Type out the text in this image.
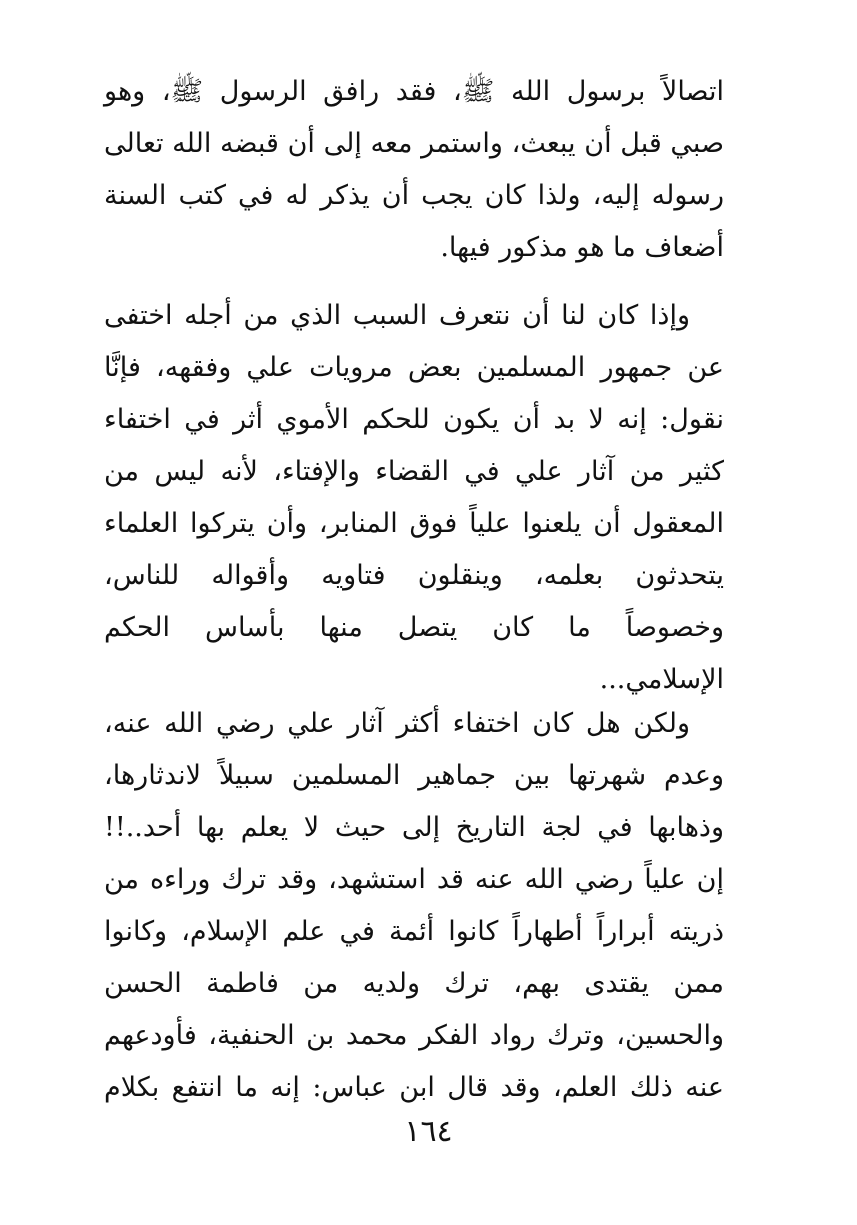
اتصالاً برسول الله ﷺ، فقد رافق الرسول ﷺ، وهو
صبي قبل أن يبعث، واستمر معه إلى أن قبضه الله تعالى
رسوله إليه، ولذا كان يجب أن يذكر له في كتب السنة
أضعاف ما هو مذكور فيها.
وإذا كان لنا أن نتعرف السبب الذي من أجله اختفى
عن جمهور المسلمين بعض مرويات علي وفقهه، فإنَّا
نقول: إنه لا بد أن يكون للحكم الأموي أثر في اختفاء
كثير من آثار علي في القضاء والإفتاء، لأنه ليس من
المعقول أن يلعنوا علياً فوق المنابر، وأن يتركوا العلماء
يتحدثون بعلمه، وينقلون فتاويه وأقواله للناس،
وخصوصاً ما كان يتصل منها بأساس الحكم
الإسلامي...
ولكن هل كان اختفاء أكثر آثار علي رضي الله عنه،
وعدم شهرتها بين جماهير المسلمين سبيلاً لاندثارها،
وذهابها في لجة التاريخ إلى حيث لا يعلم بها أحد..!!
إن علياً رضي الله عنه قد استشهد، وقد ترك وراءه من
ذريته أبراراً أطهاراً كانوا أئمة في علم الإسلام، وكانوا
ممن يقتدى بهم، ترك ولديه من فاطمة الحسن
والحسين، وترك رواد الفكر محمد بن الحنفية، فأودعهم
عنه ذلك العلم، وقد قال ابن عباس: إنه ما انتفع بكلام
١٦٤
